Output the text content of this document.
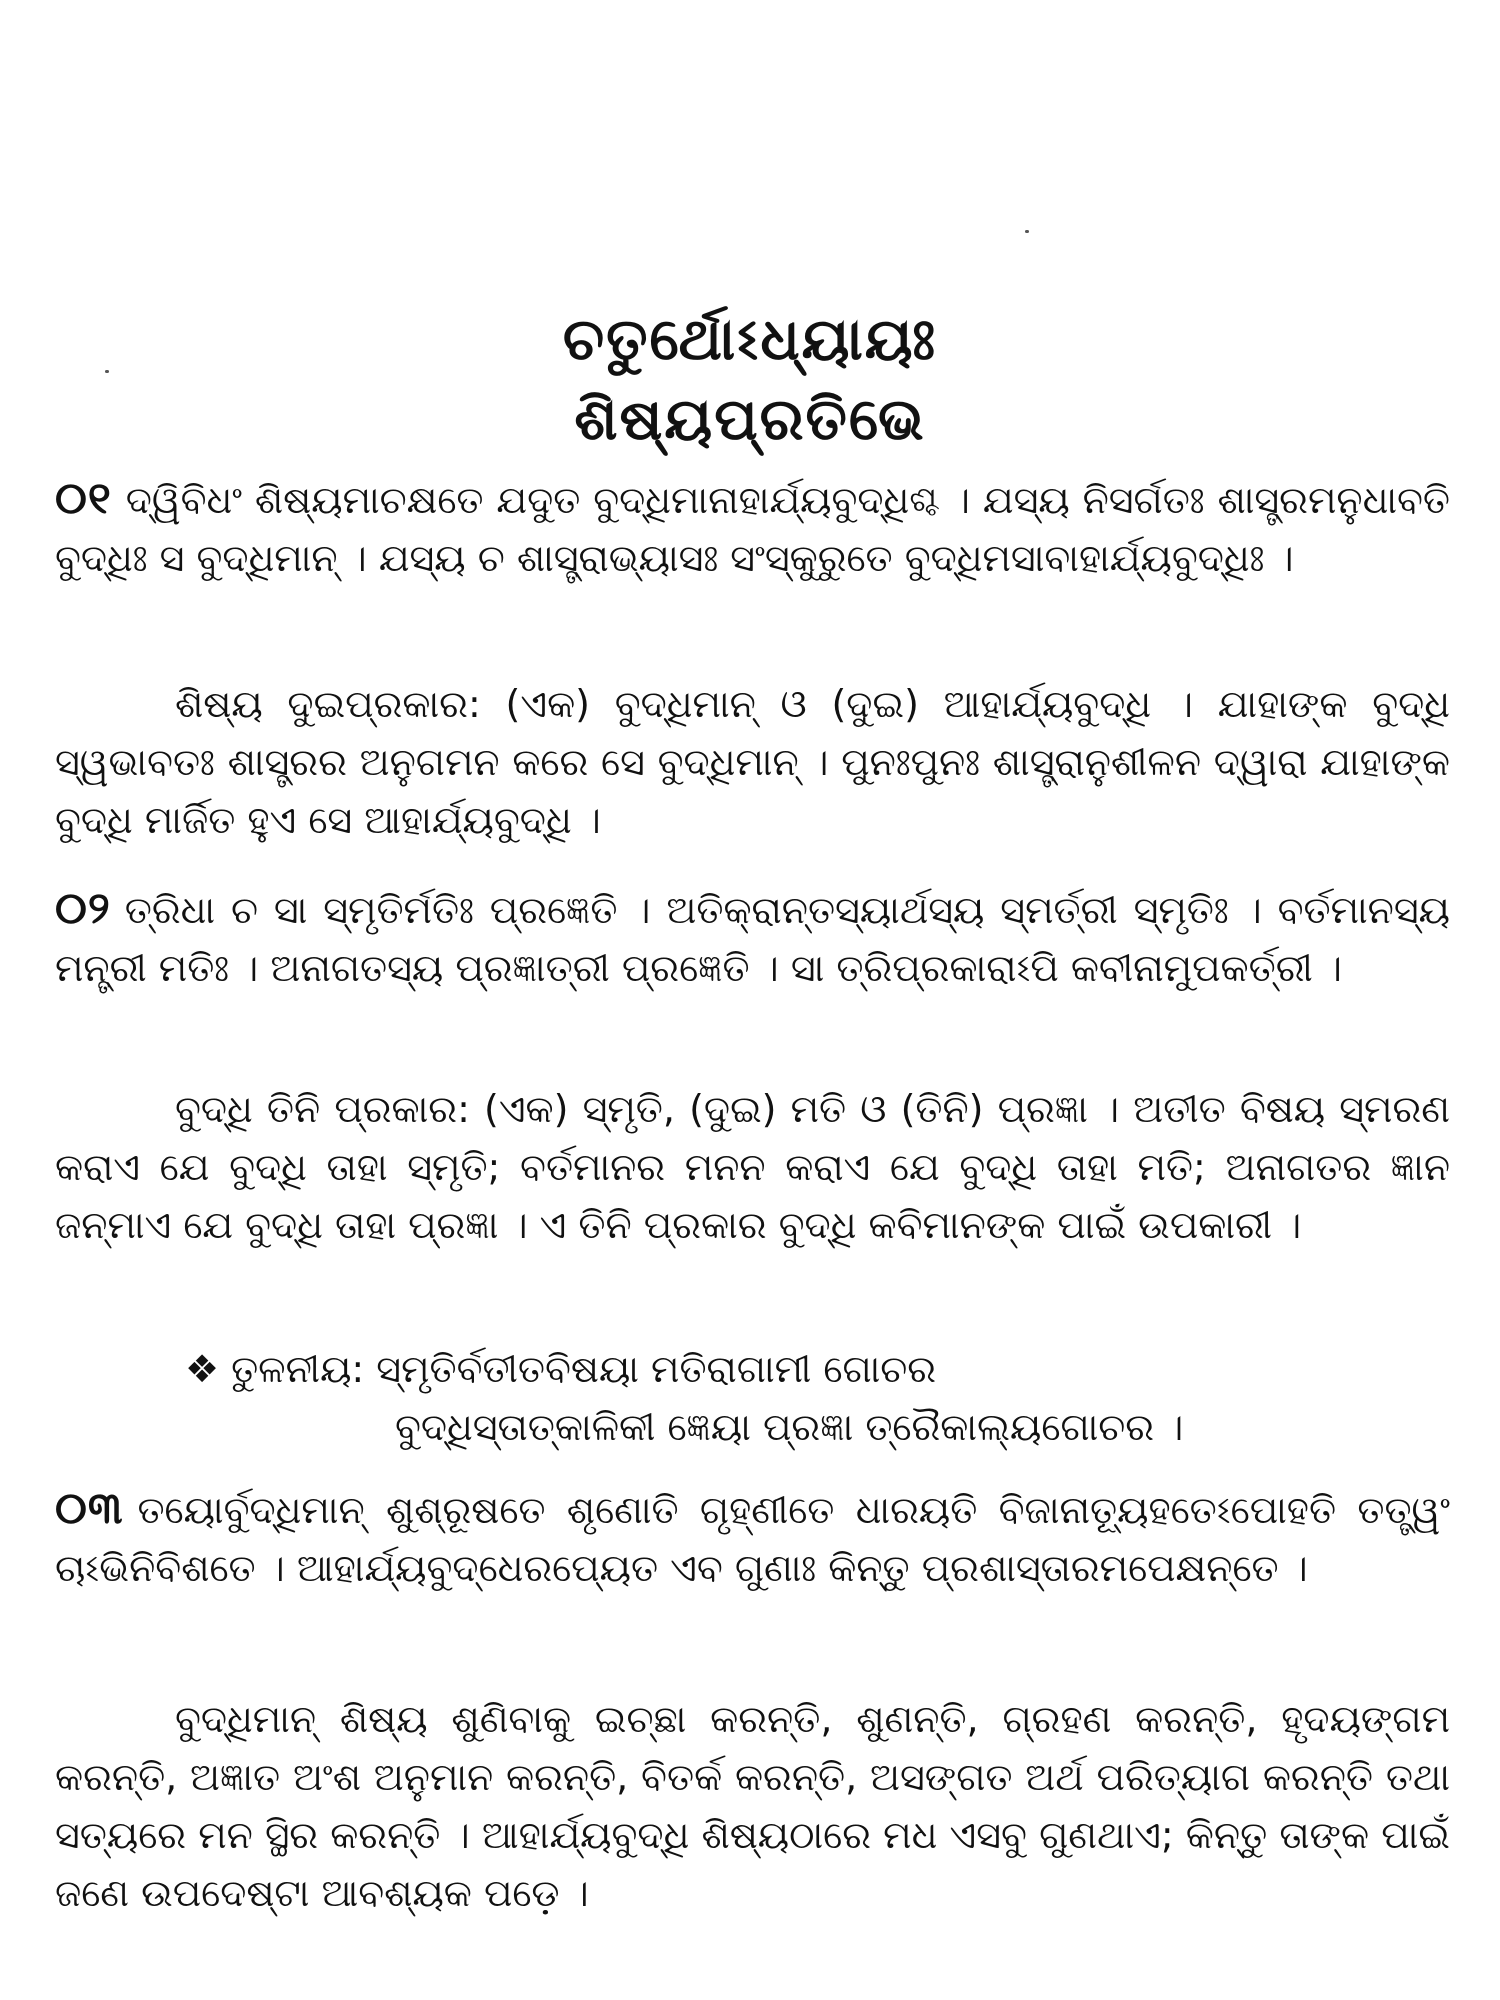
ଚତୁର୍ଥୋଽଧ୍ୟାୟଃ
ଶିଷ୍ୟପ୍ରତିଭେ
୦୧ ଦ୍ୱିବିଧଂ ଶିଷ୍ୟମାଚକ୍ଷତେ ଯଦୁତ ବୁଦ୍ଧିମାନାହାର୍ଯ୍ୟବୁଦ୍ଧିଶ୍ଚ । ଯସ୍ୟ ନିସର୍ଗତଃ ଶାସ୍ତ୍ରମନୁଧାବତି ବୁଦ୍ଧିଃ ସ ବୁଦ୍ଧିମାନ୍ । ଯସ୍ୟ ଚ ଶାସ୍ତ୍ରାଭ୍ୟାସଃ ସଂସ୍କୁରୁତେ ବୁଦ୍ଧିମସାବାହାର୍ଯ୍ୟବୁଦ୍ଧିଃ ।
ଶିଷ୍ୟ ଦୁଇପ୍ରକାର: (ଏକ) ବୁଦ୍ଧିମାନ୍ ଓ (ଦୁଇ) ଆହାର୍ଯ୍ୟବୁଦ୍ଧି । ଯାହାଙ୍କ ବୁଦ୍ଧି ସ୍ୱଭାବତଃ ଶାସ୍ତ୍ରର ଅନୁଗମନ କରେ ସେ ବୁଦ୍ଧିମାନ୍ । ପୁନଃପୁନଃ ଶାସ୍ତ୍ରାନୁଶୀଳନ ଦ୍ୱାରା ଯାହାଙ୍କ ବୁଦ୍ଧି ମାର୍ଜିତ ହୁଏ ସେ ଆହାର୍ଯ୍ୟବୁଦ୍ଧି ।
୦୨ ତ୍ରିଧା ଚ ସା ସ୍ମୃତିର୍ମତିଃ ପ୍ରଜ୍ଞେତି । ଅତିକ୍ରାନ୍ତସ୍ୟାର୍ଥସ୍ୟ ସ୍ମର୍ତ୍ରୀ ସ୍ମୃତିଃ । ବର୍ତମାନସ୍ୟ ମନ୍ତ୍ରୀ ମତିଃ । ଅନାଗତସ୍ୟ ପ୍ରଜ୍ଞାତ୍ରୀ ପ୍ରଜ୍ଞେତି । ସା ତ୍ରିପ୍ରକାରାଽପି କବୀନାମୁପକର୍ତ୍ରୀ ।
ବୁଦ୍ଧି ତିନି ପ୍ରକାର: (ଏକ) ସ୍ମୃତି, (ଦୁଇ) ମତି ଓ (ତିନି) ପ୍ରଜ୍ଞା । ଅତୀତ ବିଷୟ ସ୍ମରଣ କରାଏ ଯେ ବୁଦ୍ଧି ତାହା ସ୍ମୃତି; ବର୍ତମାନର ମନନ କରାଏ ଯେ ବୁଦ୍ଧି ତାହା ମତି; ଅନାଗତର ଜ୍ଞାନ ଜନ୍ମାଏ ଯେ ବୁଦ୍ଧି ତାହା ପ୍ରଜ୍ଞା । ଏ ତିନି ପ୍ରକାର ବୁଦ୍ଧି କବିମାନଙ୍କ ପାଇଁ ଉପକାରୀ ।
❖ ତୁଳନୀୟ: ସ୍ମୃତିର୍ବତୀତବିଷୟା ମତିରାଗାମୀ ଗୋଚର
ବୁଦ୍ଧିସ୍ତାତ୍କାଳିକୀ ଜ୍ଞେୟା ପ୍ରଜ୍ଞା ତ୍ରୈକାଲ୍ୟଗୋଚର ।
୦୩ ତୟୋର୍ବୁଦ୍ଧିମାନ୍ ଶୁଶ୍ରୂଷତେ ଶୃଣୋତି ଗୃହ୍ଣୀତେ ଧାରୟତି ବିଜାନାତ୍ୟୂହତେଽପୋହତି ତତ୍ତ୍ୱଂ ଚାଽଭିନିବିଶତେ । ଆହାର୍ଯ୍ୟବୁଦ୍ଧେରପ୍ୟେତ ଏବ ଗୁଣାଃ କିନ୍ତୁ ପ୍ରଶାସ୍ତାରମପେକ୍ଷନ୍ତେ ।
ବୁଦ୍ଧିମାନ୍ ଶିଷ୍ୟ ଶୁଣିବାକୁ ଇଚ୍ଛା କରନ୍ତି, ଶୁଣନ୍ତି, ଗ୍ରହଣ କରନ୍ତି, ହୃଦୟଙ୍ଗମ କରନ୍ତି, ଅଜ୍ଞାତ ଅଂଶ ଅନୁମାନ କରନ୍ତି, ବିତର୍କ କରନ୍ତି, ଅସଙ୍ଗତ ଅର୍ଥ ପରିତ୍ୟାଗ କରନ୍ତି ତଥା ସତ୍ୟରେ ମନ ସ୍ଥିର କରନ୍ତି । ଆହାର୍ଯ୍ୟବୁଦ୍ଧି ଶିଷ୍ୟଠାରେ ମଧ ଏସବୁ ଗୁଣଥାଏ; କିନ୍ତୁ ତାଙ୍କ ପାଇଁ ଜଣେ ଉପଦେଷ୍ଟା ଆବଶ୍ୟକ ପଡ଼େ ।
